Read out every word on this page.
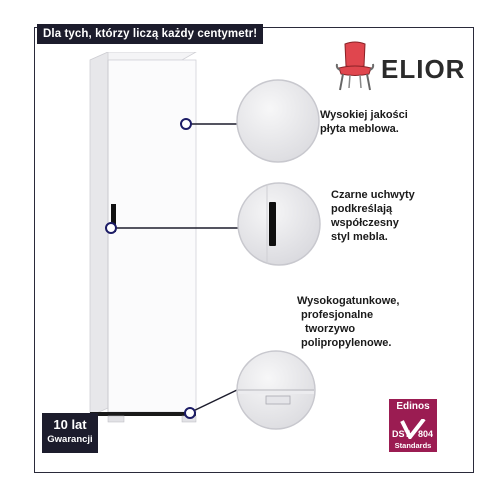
Dla tych, którzy liczą każdy centymetr!
ELIOR
Wysokiej jakości
płyta meblowa.
Czarne uchwyty
podkreślają
współczesny
styl mebla.
Wysokogatunkowe,
profesjonalne
tworzywo
polipropylenowe.
10 lat
Gwarancji
Edinos
DST 804
Standards
